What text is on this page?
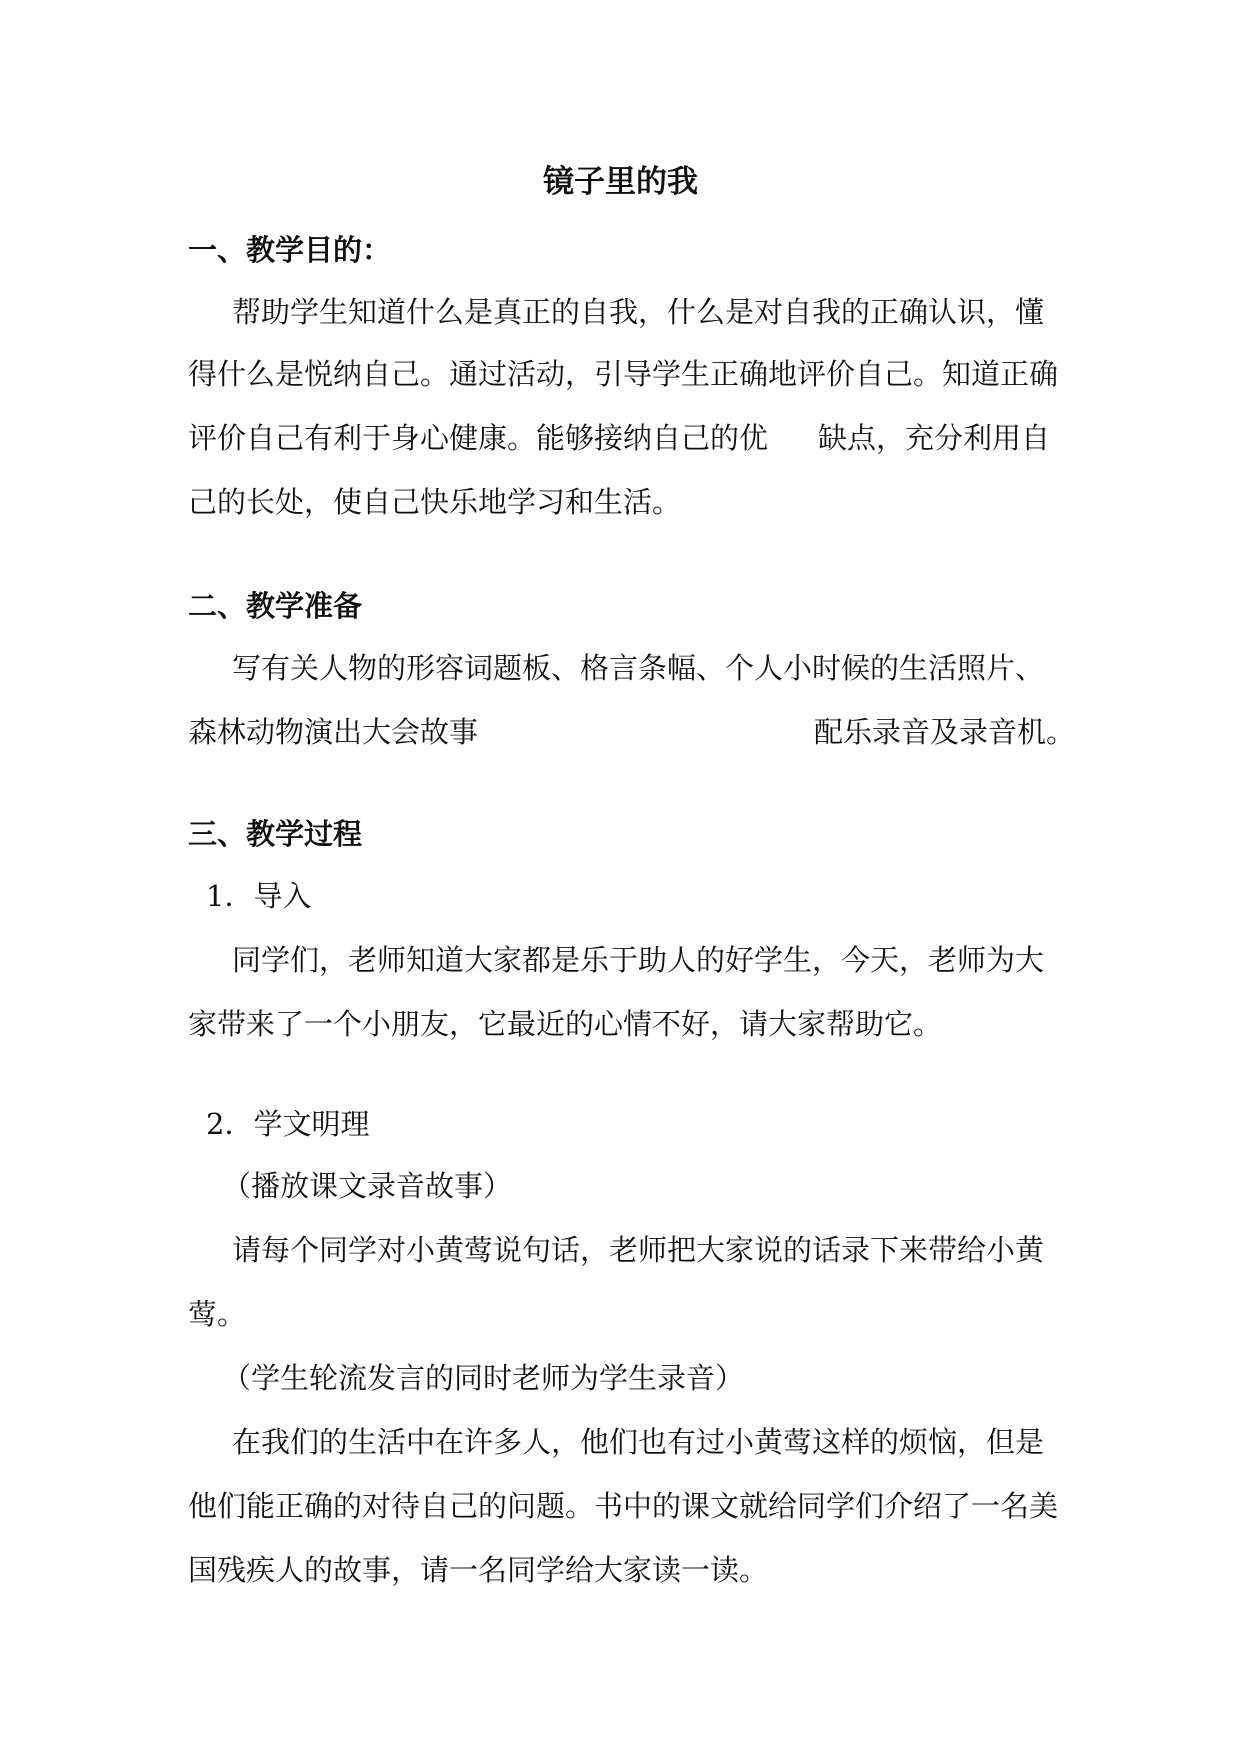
镜子里的我
一、教学目的：
帮助学生知道什么是真正的自我，什么是对自我的正确认识，懂
得什么是悦纳自己。通过活动，引导学生正确地评价自己。知道正确
评价自己有利于身心健康。能够接纳自己的优 缺点，充分利用自
己的长处，使自己快乐地学习和生活。
二、教学准备
写有关人物的形容词题板、格言条幅、个人小时候的生活照片、
森林动物演出大会故事	配乐录音及录音机。
三、教学过程
1．导入
同学们，老师知道大家都是乐于助人的好学生，今天，老师为大
家带来了一个小朋友，它最近的心情不好，请大家帮助它。
2．学文明理
（播放课文录音故事）
请每个同学对小黄莺说句话，老师把大家说的话录下来带给小黄
莺。
（学生轮流发言的同时老师为学生录音）
在我们的生活中在许多人，他们也有过小黄莺这样的烦恼，但是
他们能正确的对待自己的问题。书中的课文就给同学们介绍了一名美
国残疾人的故事，请一名同学给大家读一读。
